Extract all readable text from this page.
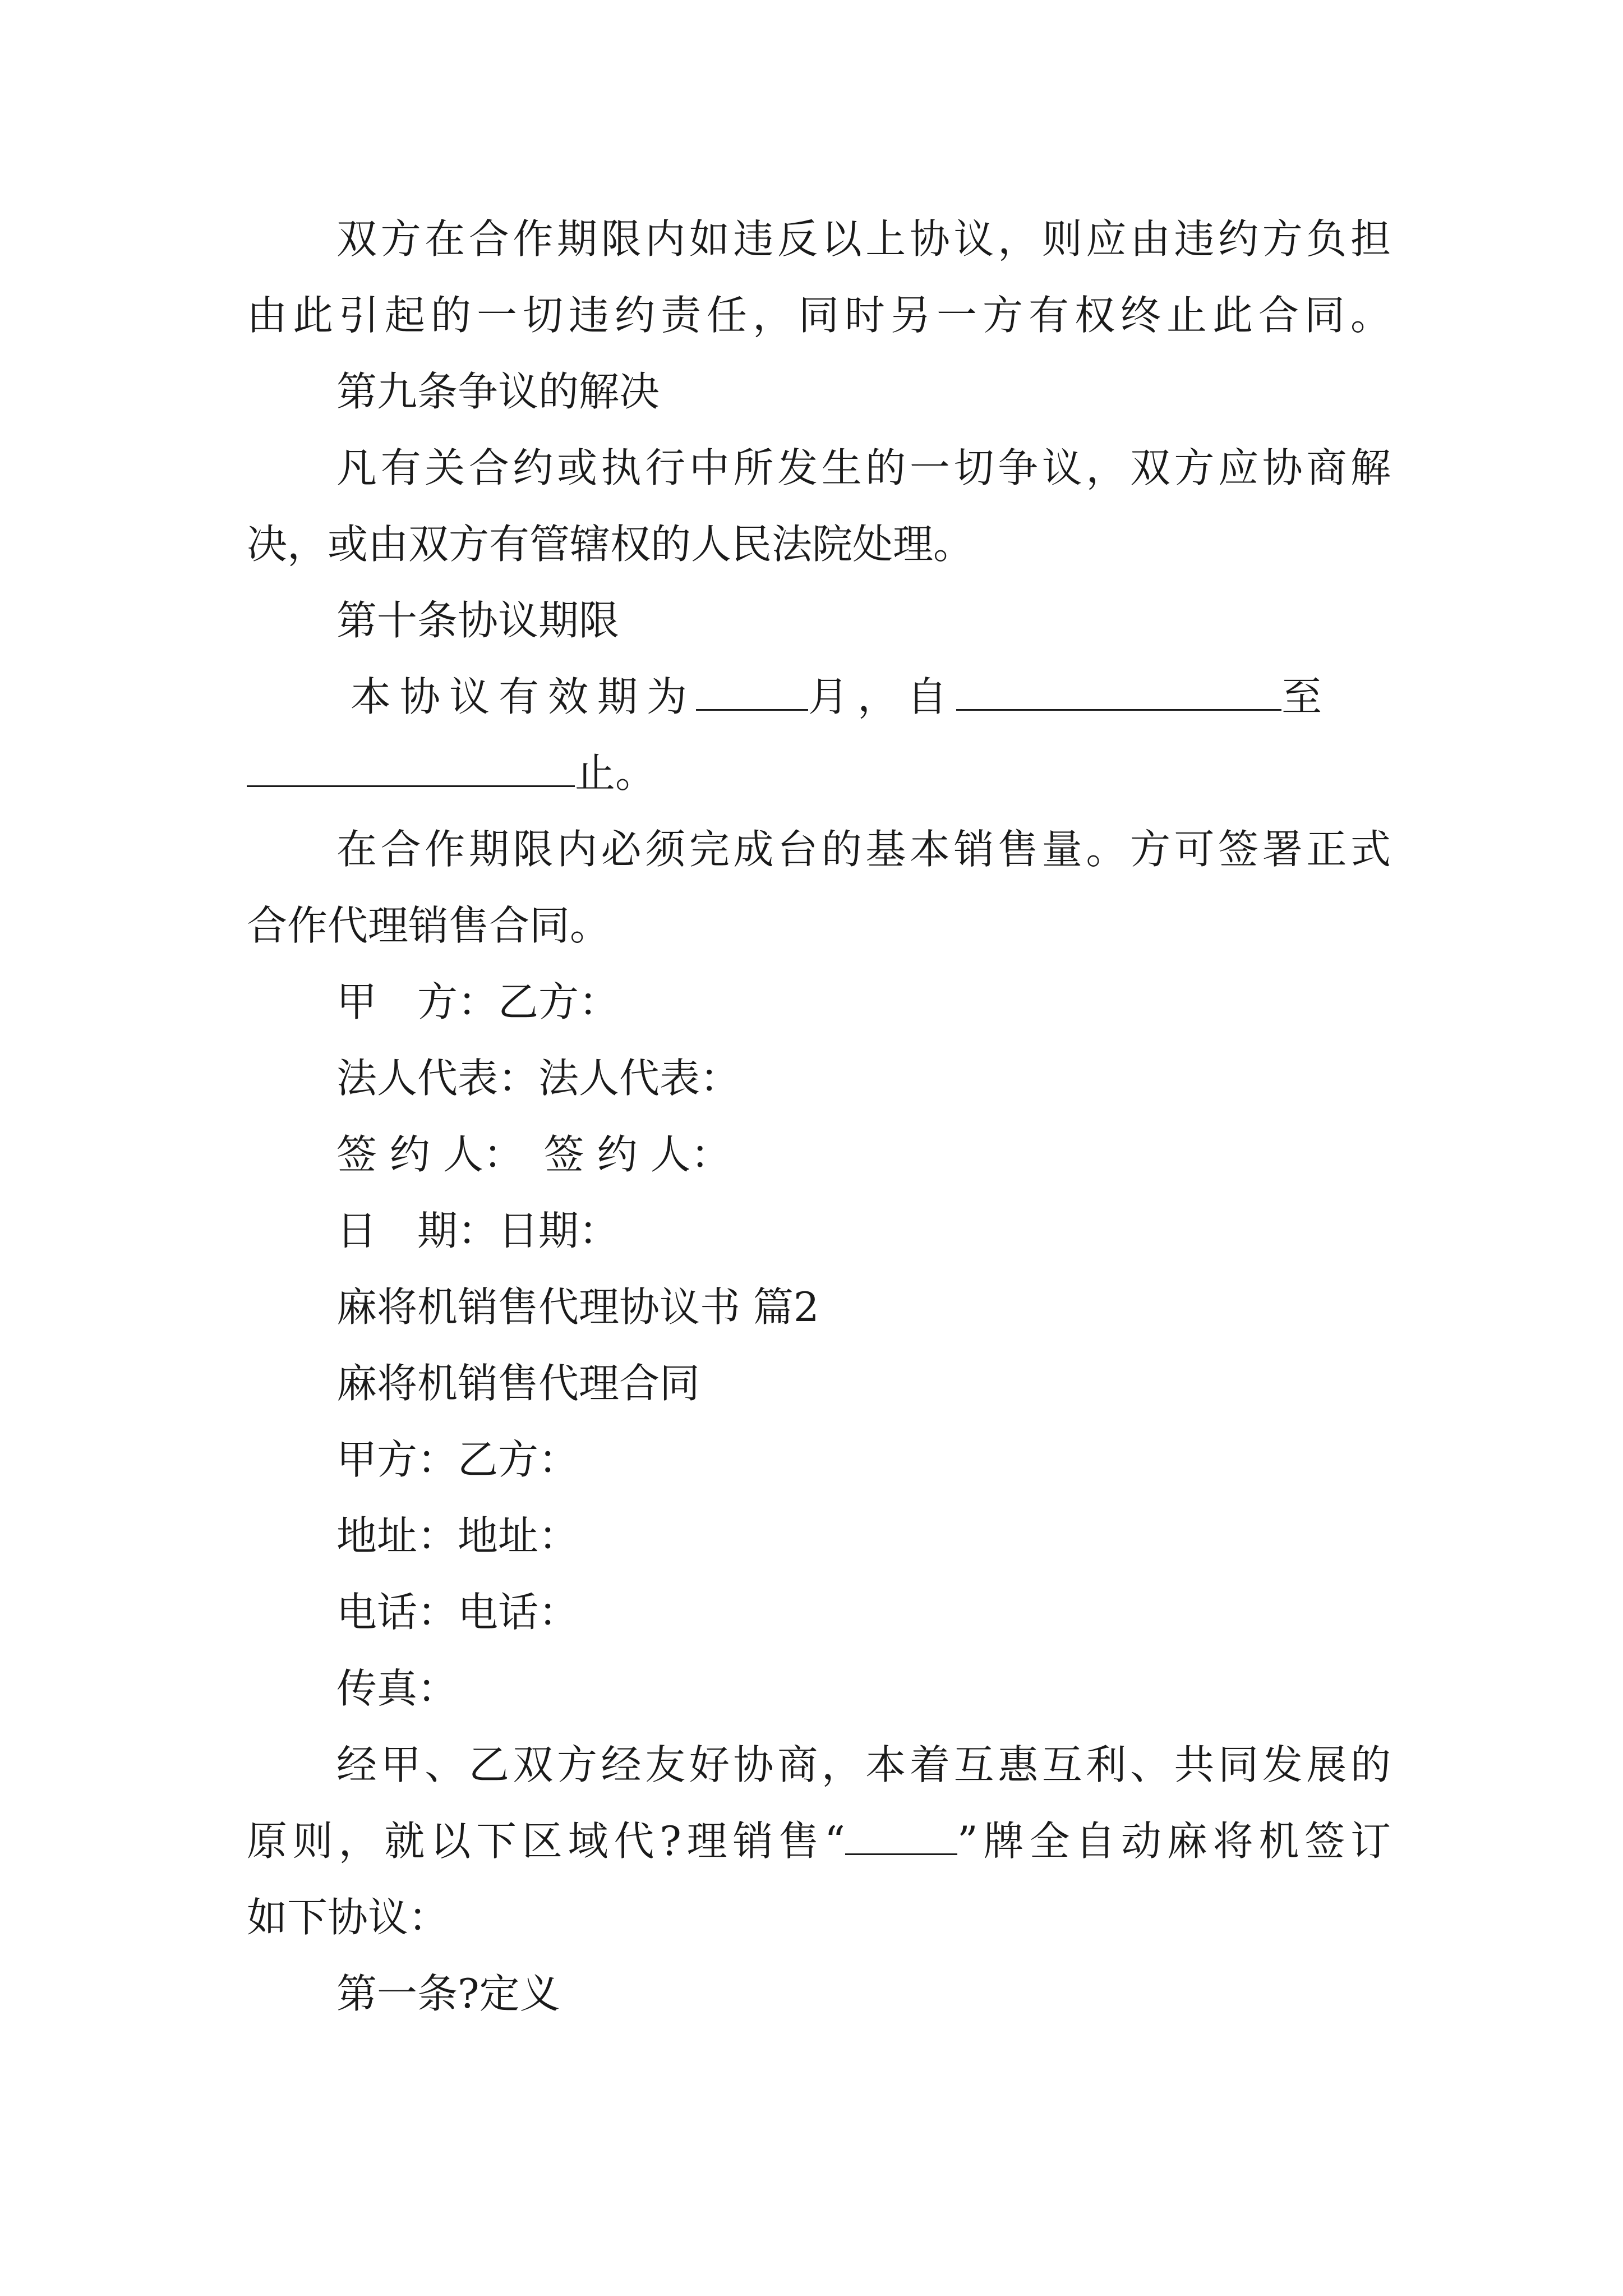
双方在合作期限内如违反以上协议，则应由违约方负担
由此引起的一切违约责任，同时另一方有权终止此合同。
第九条争议的解决
凡有关合约或执行中所发生的一切争议，双方应协商解
决，或由双方有管辖权的人民法院处理。
第十条协议期限
本协议有效期为	月，自	至
止。
在合作期限内必须完成台的基本销售量。方可签署正式
合作代理销售合同。
甲　方：乙方：
法人代表：法人代表：
签 约 人：　签 约 人：
日　期：日期：
麻将机销售代理协议书 篇2
麻将机销售代理合同
甲方：乙方：
地址：地址：
电话：电话：
传真：
经甲、乙双方经友好协商，本着互惠互利、共同发展的
原则，就以下区域代?理销售“	”牌全自动麻将机签订
如下协议：
第一条?定义
